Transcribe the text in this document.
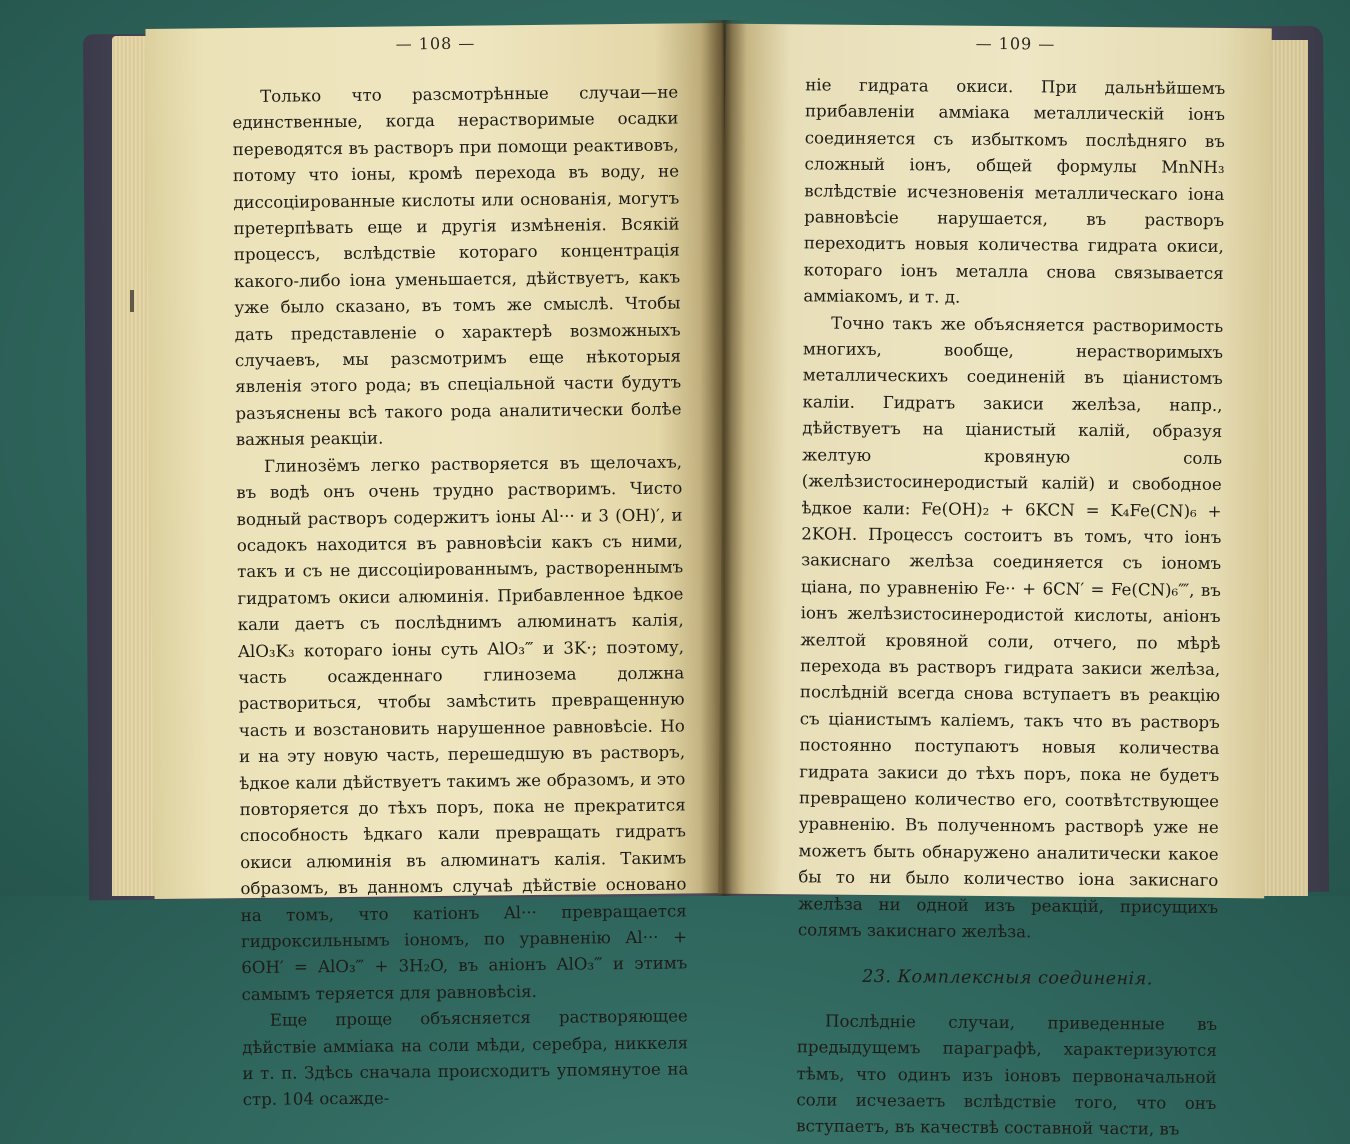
— 108 —

Только что разсмотрѣнные случаи—не единственные, когда нерастворимые осадки переводятся въ растворъ при помощи реактивовъ, потому что іоны, кромѣ перехода въ воду, не диссоціированные кислоты или основанія, могутъ претерпѣвать еще и другія измѣненія. Всякій процессъ, вслѣдствіе котораго концентрація какого-либо іона уменьшается, дѣйствуетъ, какъ уже было сказано, въ томъ же смыслѣ. Чтобы дать представленіе о характерѣ возможныхъ случаевъ, мы разсмотримъ еще нѣкоторыя явленія этого рода; въ спеціальной части будутъ разъяснены всѣ такого рода аналитически болѣе важныя реакціи.

Глинозёмъ легко растворяется въ щелочахъ, въ водѣ онъ очень трудно растворимъ. Чисто водный растворъ содержитъ іоны Al··· и 3 (OH)′, и осадокъ находится въ равновѣсіи какъ съ ними, такъ и съ не диссоціированнымъ, раствореннымъ гидратомъ окиси алюминія. Прибавленное ѣдкое кали даетъ съ послѣднимъ алюминатъ калія, AlO₃K₃ котораго іоны суть AlO₃‴ и 3K·; поэтому, часть осажденнаго глинозема должна раствориться, чтобы замѣстить превращенную часть и возстановить нарушенное равновѣсіе. Но и на эту новую часть, перешедшую въ растворъ, ѣдкое кали дѣйствуетъ такимъ же образомъ, и это повторяется до тѣхъ поръ, пока не прекратится способность ѣдкаго кали превращать гидратъ окиси алюминія въ алюминатъ калія. Такимъ образомъ, въ данномъ случаѣ дѣйствіе основано на томъ, что катіонъ Al··· превращается гидроксильнымъ іономъ, по уравненію Al··· + 6OH′ = AlO₃‴ + 3H₂O, въ аніонъ AlO₃‴ и этимъ самымъ теряется для равновѣсія.

Еще проще объясняется растворяющее дѣйствіе аммiака на соли мѣди, серебра, никкеля и т. п. Здѣсь сначала происходитъ упомянутое на стр. 104 осажде-

— 109 —

ніе гидрата окиси. При дальнѣйшемъ прибавленіи аммiака металлическій іонъ соединяется съ избыткомъ послѣдняго въ сложный іонъ, общей формулы MnNH₃ вслѣдствіе исчезновенія металлическаго іона равновѣсіе нарушается, въ растворъ переходитъ новыя количества гидрата окиси, котораго іонъ металла снова связывается аммiакомъ, и т. д.

Точно такъ же объясняется растворимость многихъ, вообще, нерастворимыхъ металлическихъ соединеній въ ціанистомъ калiи. Гидратъ закиси желѣза, напр., дѣйствуетъ на ціанистый калій, образуя желтую кровяную соль (желѣзистосинеродистый калій) и свободное ѣдкое кали: Fe(OH)₂ + 6KCN = K₄Fe(CN)₆ + 2KOH. Процессъ состоитъ въ томъ, что іонъ закиснаго желѣза соединяется съ іономъ ціана, по уравненію Fe·· + 6CN′ = Fe(CN)₆⁗, въ іонъ желѣзистосинеродистой кислоты, аніонъ желтой кровяной соли, отчего, по мѣрѣ перехода въ растворъ гидрата закиси желѣза, послѣдній всегда снова вступаетъ въ реакцію съ ціанистымъ каліемъ, такъ что въ растворъ постоянно поступаютъ новыя количества гидрата закиси до тѣхъ поръ, пока не будетъ превращено количество его, соотвѣтствующее уравненію. Въ полученномъ растворѣ уже не можетъ быть обнаружено аналитически какое бы то ни было количество іона закиснаго желѣза ни одной изъ реакцій, присущихъ солямъ закиснаго желѣза.

23. Комплексныя соединенія.

Послѣдніе случаи, приведенные въ предыдущемъ параграфѣ, характеризуются тѣмъ, что одинъ изъ іоновъ первоначальной соли исчезаетъ вслѣдствіе того, что онъ вступаетъ, въ качествѣ составной части, въ
